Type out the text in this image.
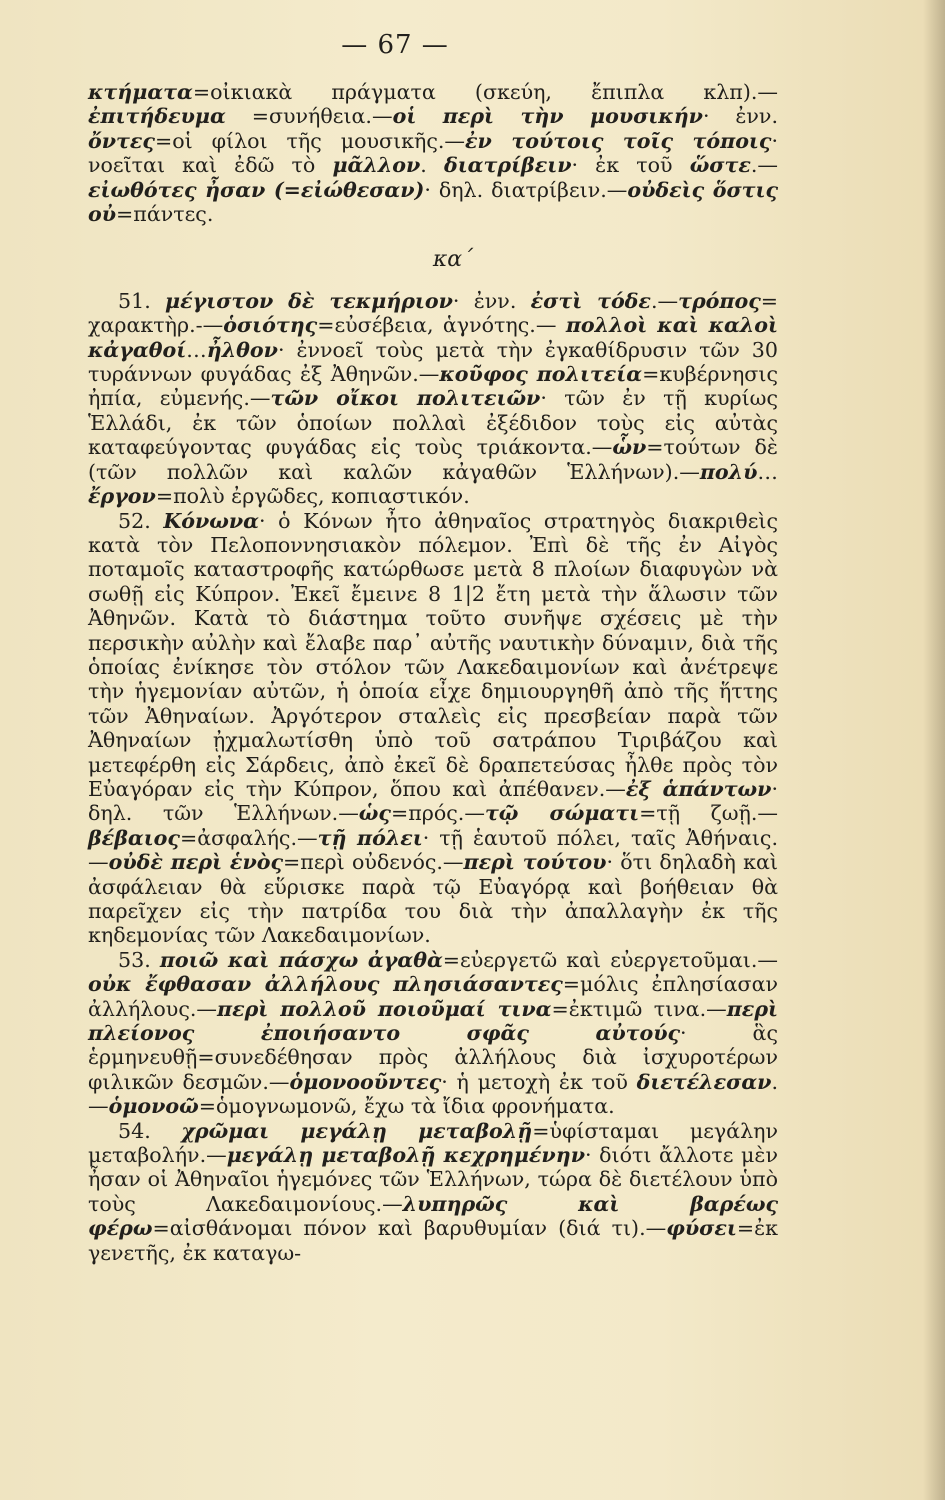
— 67 —

κτήματα=οἰκιακὰ πράγματα (σκεύη, ἔπιπλα κλπ).—ἐπιτήδευμα =συνήθεια.—οἱ περὶ τὴν μουσικήν· ἐνν. ὄντες=οἱ φίλοι τῆς μουσικῆς.—ἐν τούτοις τοῖς τόποις· νοεῖται καὶ ἐδῶ τὸ μᾶλλον. διατρίβειν· ἐκ τοῦ ὥστε.— εἰωθότες ἦσαν (=εἰώθεσαν)· δηλ. διατρίβειν.—οὐδεὶς ὅστις οὐ=πάντες.

κα΄

51. μέγιστον δὲ τεκμήριον· ἐνν. ἐστὶ τόδε.—τρόπος= χαρακτὴρ.-—ὁσιότης=εὐσέβεια, ἁγνότης.— πολλοὶ καὶ καλοὶ κἀγαθοί…ἦλθον· ἐννοεῖ τοὺς μετὰ τὴν ἐγκαθίδρυσιν τῶν 30 τυράννων φυγάδας ἐξ Ἀθηνῶν.—κοῦφος πολιτεία=κυβέρνησις ἠπία, εὐμενής.—τῶν οἴκοι πολιτειῶν· τῶν ἐν τῇ κυρίως Ἑλλάδι, ἐκ τῶν ὁποίων πολλαὶ ἐξέδιδον τοὺς εἰς αὐτὰς καταφεύγοντας φυγάδας εἰς τοὺς τριάκοντα.—ὧν=τούτων δὲ (τῶν πολλῶν καὶ καλῶν κἀγαθῶν Ἑλλήνων).—πολύ… ἔργον=πολὺ ἐργῶδες, κοπιαστικόν.

52. Κόνωνα· ὁ Κόνων ἦτο ἀθηναῖος στρατηγὸς διακριθεὶς κατὰ τὸν Πελοποννησιακὸν πόλεμον. Ἐπὶ δὲ τῆς ἐν Αἰγὸς ποταμοῖς καταστροφῆς κατώρθωσε μετὰ 8 πλοίων διαφυγὼν νὰ σωθῇ εἰς Κύπρον. Ἐκεῖ ἔμεινε 8 1|2 ἔτη μετὰ τὴν ἅλωσιν τῶν Ἀθηνῶν. Κατὰ τὸ διάστημα τοῦτο συνῆψε σχέσεις μὲ τὴν περσικὴν αὐλὴν καὶ ἔλαβε παρ᾽ αὐτῆς ναυτικὴν δύναμιν, διὰ τῆς ὁποίας ἐνίκησε τὸν στόλον τῶν Λακεδαιμονίων καὶ ἀνέτρεψε τὴν ἡγεμονίαν αὐτῶν, ἡ ὁποία εἶχε δημιουργηθῆ ἀπὸ τῆς ἥττης τῶν Ἀθηναίων. Ἀργότερον σταλεὶς εἰς πρεσβείαν παρὰ τῶν Ἀθηναίων ᾐχμαλωτίσθη ὑπὸ τοῦ σατράπου Τιριβάζου καὶ μετεφέρθη εἰς Σάρδεις, ἀπὸ ἐκεῖ δὲ δραπετεύσας ἦλθε πρὸς τὸν Εὐαγόραν εἰς τὴν Κύπρον, ὅπου καὶ ἀπέθανεν.—ἐξ ἁπάντων· δηλ. τῶν Ἑλλήνων.—ὡς=πρός.—τῷ σώματι=τῇ ζωῇ.—βέβαιος=ἀσφαλής.—τῇ πόλει· τῇ ἑαυτοῦ πόλει, ταῖς Ἀθήναις.—οὐδὲ περὶ ἑνὸς=περὶ οὐδενός.—περὶ τούτου· ὅτι δηλαδὴ καὶ ἀσφάλειαν θὰ εὕρισκε παρὰ τῷ Εὐαγόρᾳ καὶ βοήθειαν θὰ παρεῖχεν εἰς τὴν πατρίδα του διὰ τὴν ἀπαλλαγὴν ἐκ τῆς κηδεμονίας τῶν Λακεδαιμονίων.

53. ποιῶ καὶ πάσχω ἀγαθὰ=εὐεργετῶ καὶ εὐεργετοῦμαι.— οὐκ ἔφθασαν ἀλλήλους πλησιάσαντες=μόλις ἐπλησίασαν ἀλλήλους.—περὶ πολλοῦ ποιοῦμαί τινα=ἐκτιμῶ τινα.—περὶ πλείονος ἐποιήσαντο σφᾶς αὐτούς· ἃς ἑρμηνευθῇ=συνεδέθησαν πρὸς ἀλλήλους διὰ ἰσχυροτέρων φιλικῶν δεσμῶν.—ὁμονοοῦντες· ἡ μετοχὴ ἐκ τοῦ διετέλεσαν.—ὁμονοῶ=ὁμογνωμονῶ, ἔχω τὰ ἴδια φρονήματα.

54. χρῶμαι μεγάλῃ μεταβολῇ=ὑφίσταμαι μεγάλην μεταβολήν.—μεγάλῃ μεταβολῇ κεχρημένην· διότι ἄλλοτε μὲν ἦσαν οἱ Ἀθηναῖοι ἡγεμόνες τῶν Ἑλλήνων, τώρα δὲ διετέλουν ὑπὸ τοὺς Λακεδαιμονίους.—λυπηρῶς καὶ βαρέως φέρω=αἰσθάνομαι πόνον καὶ βαρυθυμίαν (διά τι).—φύσει=ἐκ γενετῆς, ἐκ καταγω-
